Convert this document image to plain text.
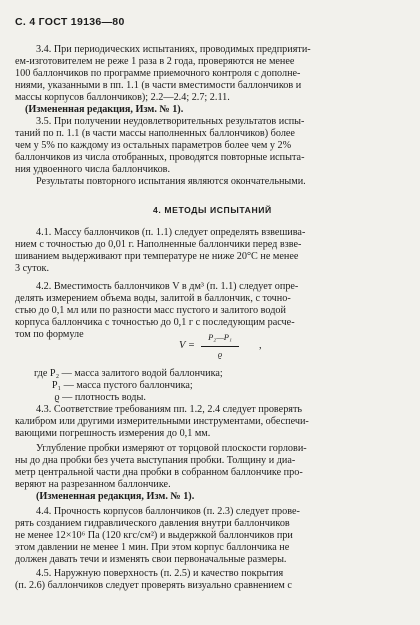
С. 4 ГОСТ 19136—80
3.4. При периодических испытаниях, проводимых предприяти-
ем-изготовителем не реже 1 раза в 2 года, проверяются не менее
100 баллончиков по программе приемочного контроля с дополне-
ниями, указанными в пп. 1.1 (в части вместимости баллончиков и
массы корпусов баллончиков); 2.2—2.4; 2.7; 2.11.
(Измененная редакция, Изм. № 1).
3.5. При получении неудовлетворительных результатов испы-
таний по п. 1.1 (в части массы наполненных баллончиков) более
чем у 5% по каждому из остальных параметров более чем у 2%
баллончиков из числа отобранных, проводятся повторные испыта-
ния удвоенного числа баллончиков.
Результаты повторного испытания являются окончательными.
4. МЕТОДЫ ИСПЫТАНИЙ
4.1. Массу баллончиков (п. 1.1) следует определять взвешива-
нием с точностью до 0,01 г. Наполненные баллончики перед взве-
шиванием выдерживают при температуре не ниже 20°С не менее
3 суток.
4.2. Вместимость баллончиков V в дм³ (п. 1.1) следует опре-
делять измерением объема воды, залитой в баллончик, с точно-
стью до 0,1 мл или по разности масс пустого и залитого водой
корпуса баллончика с точностью до 0,1 г с последующим расче-
том по формуле
V =
P₂—P₁
ϱ
,
где P₂ — масса залитого водой баллончика;
P₁ — масса пустого баллончика;
ϱ — плотность воды.
4.3. Соответствие требованиям пп. 1.2, 2.4 следует проверять
калибром или другими измерительными инструментами, обеспечи-
вающими погрешность измерения до 0,1 мм.
Углубление пробки измеряют от торцовой плоскости горлови-
ны до дна пробки без учета выступания пробки. Толщину и диа-
метр центральной части дна пробки в собранном баллончике про-
веряют на разрезанном баллончике.
(Измененная редакция, Изм. № 1).
4.4. Прочность корпусов баллончиков (п. 2.3) следует прове-
рять созданием гидравлического давления внутри баллончиков
не менее 12×10⁶ Па (120 кгс/см²) и выдержкой баллончиков при
этом давлении не менее 1 мин. При этом корпус баллончика не
должен давать течи и изменять свои первоначальные размеры.
4.5. Наружную поверхность (п. 2.5) и качество покрытия
(п. 2.6) баллончиков следует проверять визуально сравнением с
